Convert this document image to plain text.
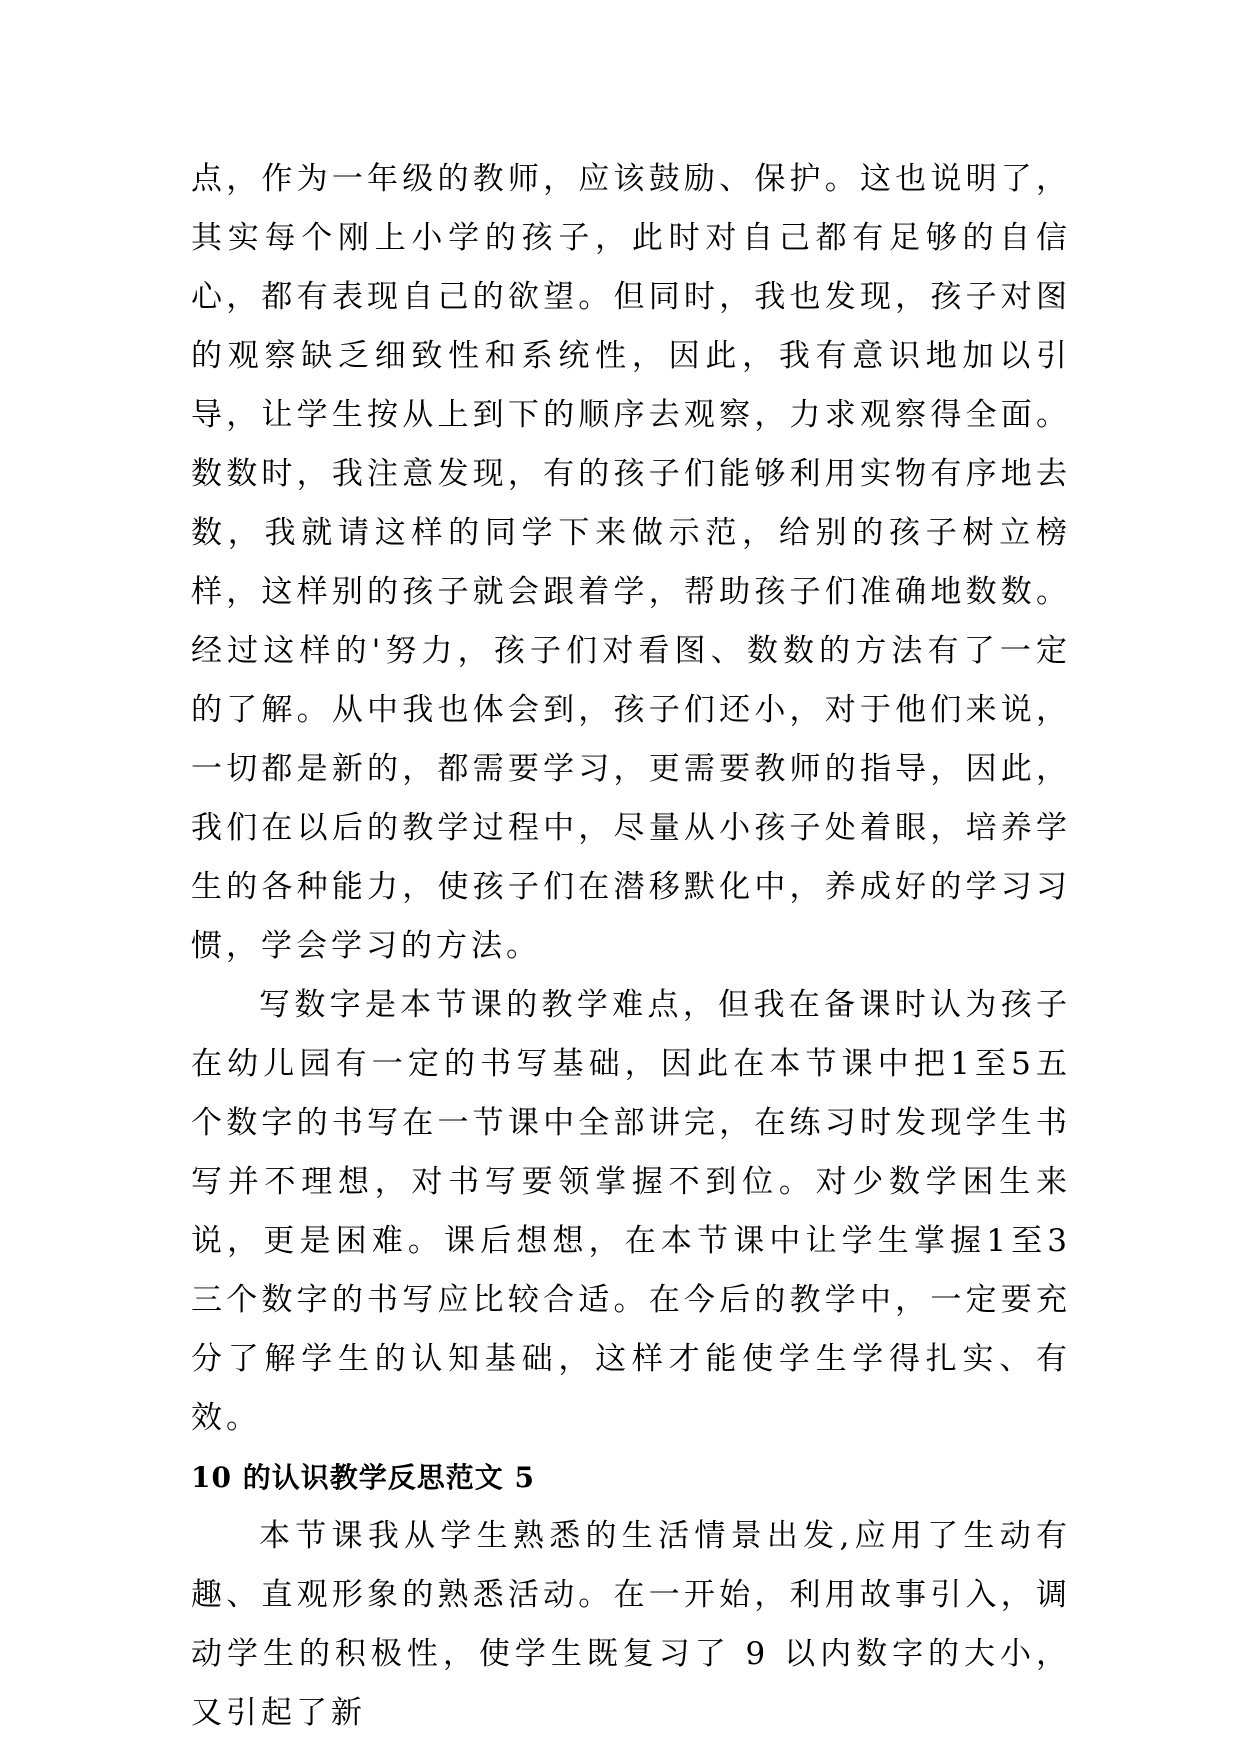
点，作为一年级的教师，应该鼓励、保护。这也说明了，其实每个刚上小学的孩子，此时对自己都有足够的自信心，都有表现自己的欲望。但同时，我也发现，孩子对图的观察缺乏细致性和系统性，因此，我有意识地加以引导，让学生按从上到下的顺序去观察，力求观察得全面。数数时，我注意发现，有的孩子们能够利用实物有序地去数，我就请这样的同学下来做示范，给别的孩子树立榜样，这样别的孩子就会跟着学，帮助孩子们准确地数数。经过这样的'努力，孩子们对看图、数数的方法有了一定的了解。从中我也体会到，孩子们还小，对于他们来说，一切都是新的，都需要学习，更需要教师的指导，因此，我们在以后的教学过程中，尽量从小孩子处着眼，培养学生的各种能力，使孩子们在潜移默化中，养成好的学习习惯，学会学习的方法。

写数字是本节课的教学难点，但我在备课时认为孩子在幼儿园有一定的书写基础，因此在本节课中把1至5五个数字的书写在一节课中全部讲完，在练习时发现学生书写并不理想，对书写要领掌握不到位。对少数学困生来说，更是困难。课后想想，在本节课中让学生掌握1至3三个数字的书写应比较合适。在今后的教学中，一定要充分了解学生的认知基础，这样才能使学生学得扎实、有效。

10 的认识教学反思范文 5

本节课我从学生熟悉的生活情景出发,应用了生动有趣、直观形象的熟悉活动。在一开始，利用故事引入，调动学生的积极性，使学生既复习了 9 以内数字的大小，又引起了新
